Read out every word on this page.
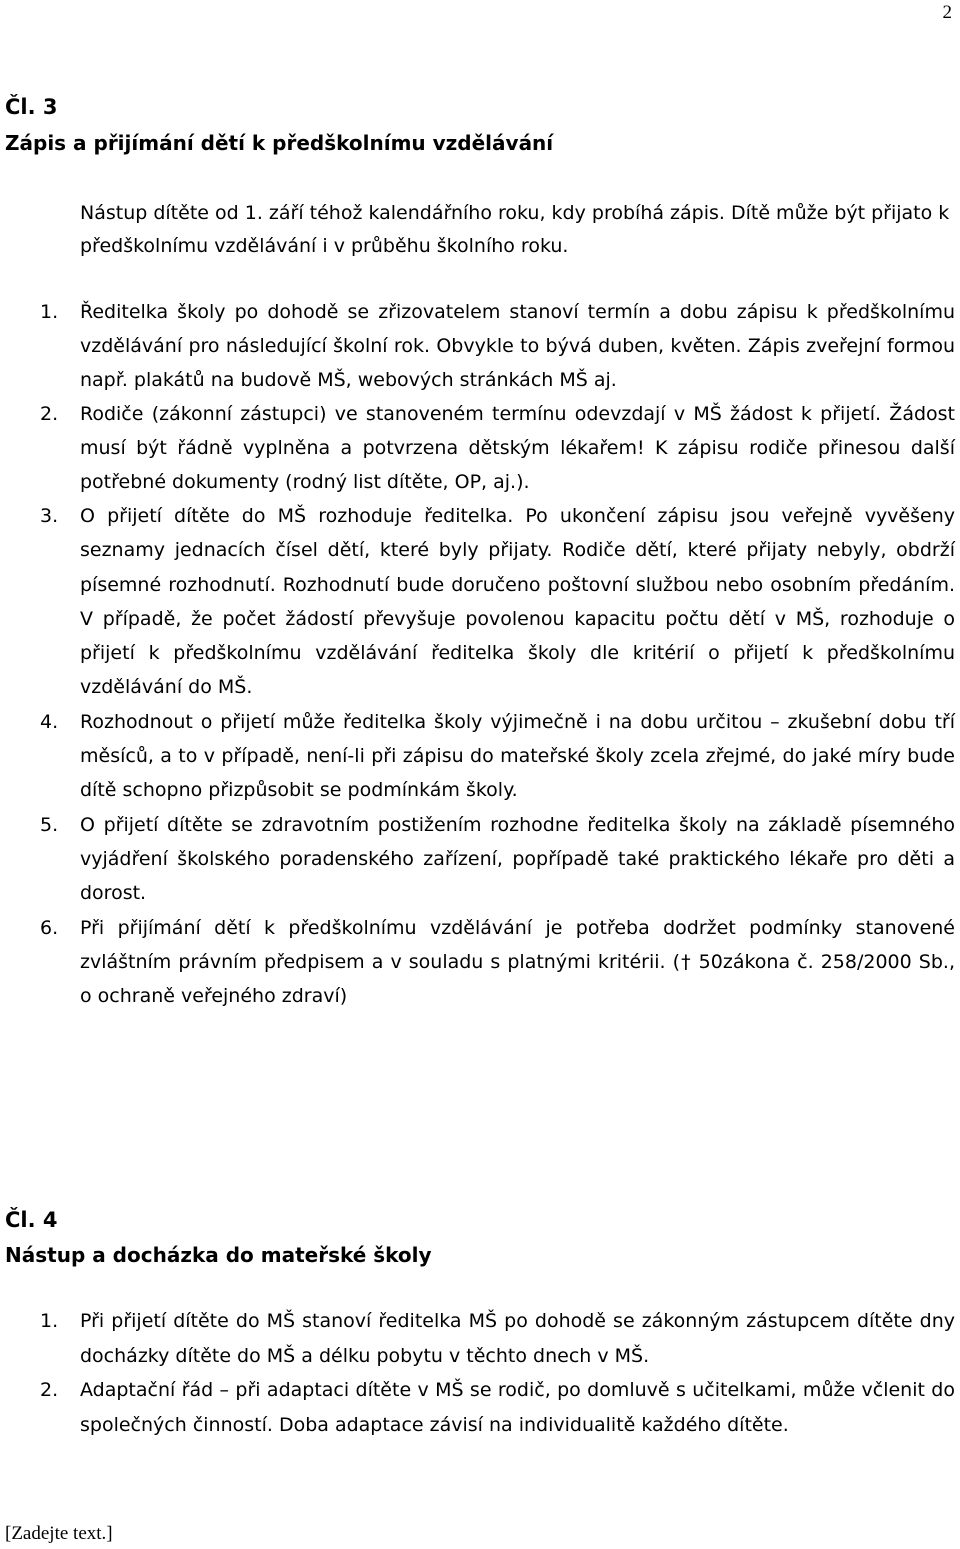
2
Čl. 3
Zápis a přijímání dětí k předškolnímu vzdělávání

Nástup dítěte od 1. září téhož kalendářního roku, kdy probíhá zápis. Dítě může být přijato k předškolnímu vzdělávání i v průběhu školního roku.

1. Ředitelka školy po dohodě se zřizovatelem stanoví termín a dobu zápisu k předškolnímu vzdělávání pro následující školní rok. Obvykle to bývá duben, květen. Zápis zveřejní formou např. plakátů na budově MŠ, webových stránkách MŠ aj.
2. Rodiče (zákonní zástupci) ve stanoveném termínu odevzdají v MŠ žádost k přijetí. Žádost musí být řádně vyplněna a potvrzena dětským lékařem! K zápisu rodiče přinesou další potřebné dokumenty (rodný list dítěte, OP, aj.).
3. O přijetí dítěte do MŠ rozhoduje ředitelka. Po ukončení zápisu jsou veřejně vyvěšeny seznamy jednacích čísel dětí, které byly přijaty. Rodiče dětí, které přijaty nebyly, obdrží písemné rozhodnutí. Rozhodnutí bude doručeno poštovní službou nebo osobním předáním. V případě, že počet žádostí převyšuje povolenou kapacitu počtu dětí v MŠ, rozhoduje o přijetí k předškolnímu vzdělávání ředitelka školy dle kritérií o přijetí k předškolnímu vzdělávání do MŠ.
4. Rozhodnout o přijetí může ředitelka školy výjimečně i na dobu určitou – zkušební dobu tří měsíců, a to v případě, není-li při zápisu do mateřské školy zcela zřejmé, do jaké míry bude dítě schopno přizpůsobit se podmínkám školy.
5. O přijetí dítěte se zdravotním postižením rozhodne ředitelka školy na základě písemného vyjádření školského poradenského zařízení, popřípadě také praktického lékaře pro děti a dorost.
6. Při přijímání dětí k předškolnímu vzdělávání je potřeba dodržet podmínky stanovené zvláštním právním předpisem a v souladu s platnými kritérii. († 50zákona č. 258/2000 Sb., o ochraně veřejného zdraví)
Čl. 4
Nástup a docházka do mateřské školy
1. Při přijetí dítěte do MŠ stanoví ředitelka MŠ po dohodě se zákonným zástupcem dítěte dny docházky dítěte do MŠ a délku pobytu v těchto dnech v MŠ.
2. Adaptační řád – při adaptaci dítěte v MŠ se rodič, po domluvě s učitelkami, může včlenit do společných činností. Doba adaptace závisí na individualitě každého dítěte.
[Zadejte text.]
